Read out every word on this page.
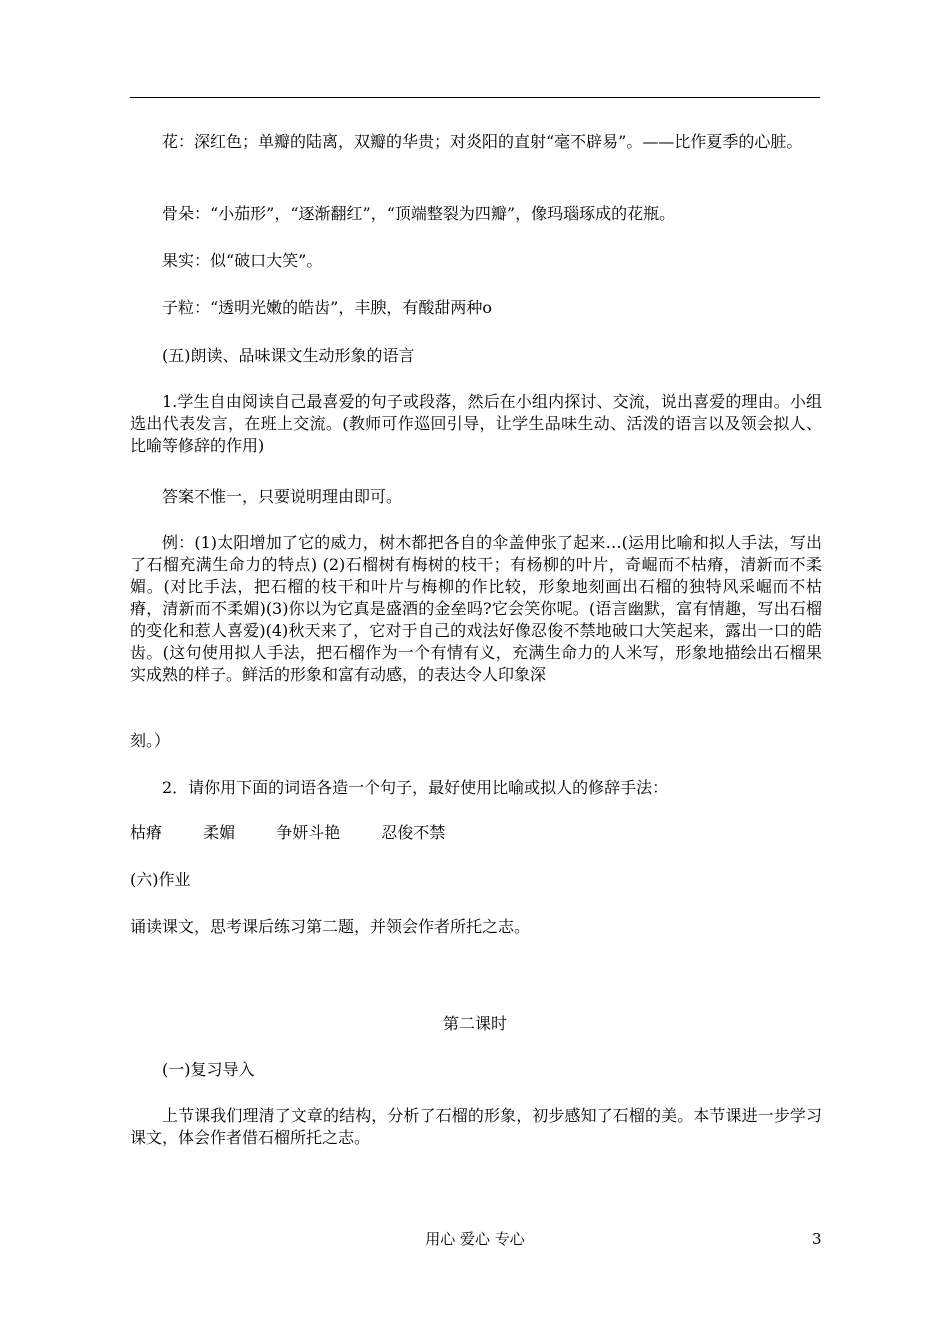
花：深红色；单瓣的陆离，双瓣的华贵；对炎阳的直射“毫不辟易”。——比作夏季的心脏。

骨朵：“小茄形”，“逐渐翻红”，“顶端整裂为四瓣”，像玛瑙琢成的花瓶。

果实：似“破口大笑”。

子粒：“透明光嫩的皓齿”，丰腴，有酸甜两种o

(五)朗读、品味课文生动形象的语言

1.学生自由阅读自己最喜爱的句子或段落，然后在小组内探讨、交流，说出喜爱的理由。小组选出代表发言，在班上交流。(教师可作巡回引导，让学生品味生动、活泼的语言以及领会拟人、比喻等修辞的作用)

答案不惟一，只要说明理由即可。

例：(1)太阳增加了它的威力，树木都把各自的伞盖伸张了起来…(运用比喻和拟人手法，写出了石榴充满生命力的特点) (2)石榴树有梅树的枝干；有杨柳的叶片，奇崛而不枯瘠，清新而不柔媚。(对比手法，把石榴的枝干和叶片与梅柳的作比较，形象地刻画出石榴的独特风采崛而不枯瘠，清新而不柔媚)(3)你以为它真是盛酒的金垒吗?它会笑你呢。(语言幽默，富有情趣，写出石榴的变化和惹人喜爱)(4)秋天来了，它对于自己的戏法好像忍俊不禁地破口大笑起来，露出一口的皓齿。(这句使用拟人手法，把石榴作为一个有情有义，充满生命力的人米写，形象地描绘出石榴果实成熟的样子。鲜活的形象和富有动感，的表达令人印象深

刻。）

2．请你用下面的词语各造一个句子，最好使用比喻或拟人的修辞手法：

枯瘠	柔媚	争妍斗艳	忍俊不禁

(六)作业

诵读课文，思考课后练习第二题，并领会作者所托之志。

第二课时

(一)复习导入

上节课我们理清了文章的结构，分析了石榴的形象，初步感知了石榴的美。本节课进一步学习课文，体会作者借石榴所托之志。

用心 爱心 专心	3
